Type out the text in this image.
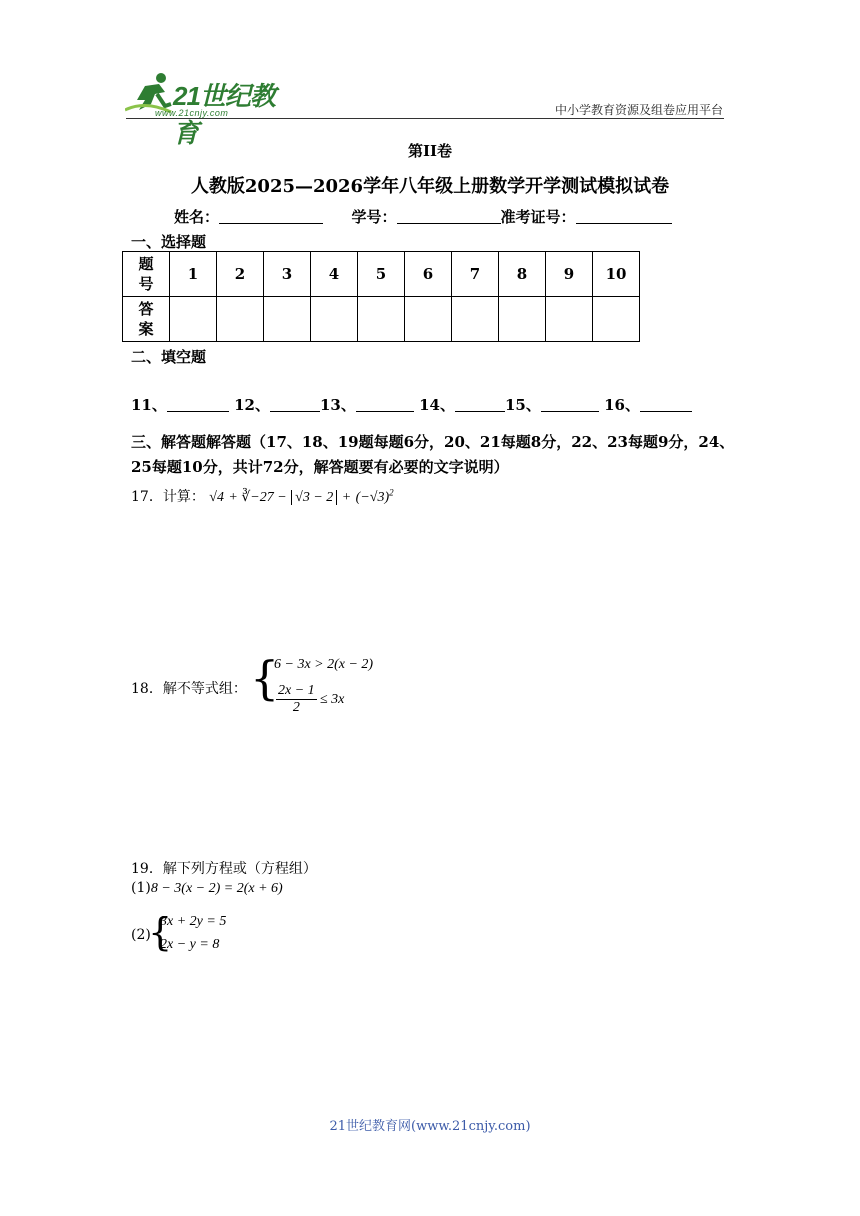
21世纪教育
www.21cnjy.com	中小学教育资源及组卷应用平台
第II卷
人教版2025—2026学年八年级上册数学开学测试模拟试卷
姓名：	学号：	准考证号：
一、选择题
题号	1	2	3	4	5	6	7	8	9	10

答案										

二、填空题
11、	12、	13、	14、	15、	16、
三、解答题解答题（17、18、19题每题6分，20、21每题8分，22、23每题9分，24、25每题10分，共计72分，解答题要有必要的文字说明）
17．计算： √4 + ∛−27 − $√3 - 2 + (-√3)^2$
18．解不等式组： {
6 − 3x > 2(x − 2)
2x − 1
2
≤ 3x
19．解下列方程或（方程组）
(1)8 − 3(x − 2) = 2(x + 6)
(2)
{
3x + 2y = 5
2x − y = 8
21世纪教育网(www.21cnjy.com)
